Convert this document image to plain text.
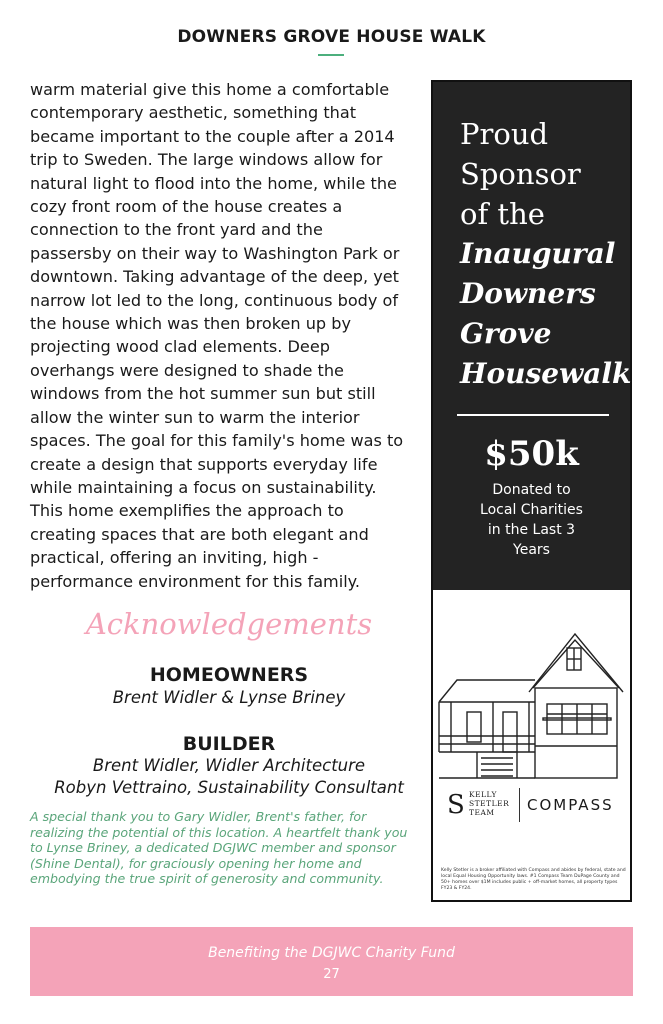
DOWNERS GROVE HOUSE WALK
warm material give this home a comfortable
contemporary aesthetic, something that
became important to the couple after a 2014
trip to Sweden. The large windows allow for
natural light to flood into the home, while the
cozy front room of the house creates a
connection to the front yard and the
passersby on their way to Washington Park or
downtown. Taking advantage of the deep, yet
narrow lot led to the long, continuous body of
the house which was then broken up by
projecting wood clad elements. Deep
overhangs were designed to shade the
windows from the hot summer sun but still
allow the winter sun to warm the interior
spaces. The goal for this family's home was to
create a design that supports everyday life
while maintaining a focus on sustainability.
This home exemplifies the approach to
creating spaces that are both elegant and
practical, offering an inviting, high -
performance environment for this family.
Acknowledgements
HOMEOWNERS
Brent Widler & Lynse Briney
BUILDER
Brent Widler, Widler Architecture
Robyn Vettraino, Sustainability Consultant
A special thank you to Gary Widler, Brent's father, for
realizing the potential of this location. A heartfelt thank you
to Lynse Briney, a dedicated DGJWC member and sponsor
(Shine Dental), for graciously opening her home and
embodying the true spirit of generosity and community.
Proud
Sponsor
of the
Inaugural
Downers
Grove
Housewalk
$50k
Donated to
Local Charities
in the Last 3
Years
S KELLY
STETLER
TEAM	COMPASS
Kelly Stetler is a broker affiliated with Compass and abides by federal, state and local Equal Housing Opportunity laws. #1 Compass Team DuPage County and 50+ homes over $1M includes public + off-market homes, all property types FY23 & FY24.
Benefiting the DGJWC Charity Fund
27
